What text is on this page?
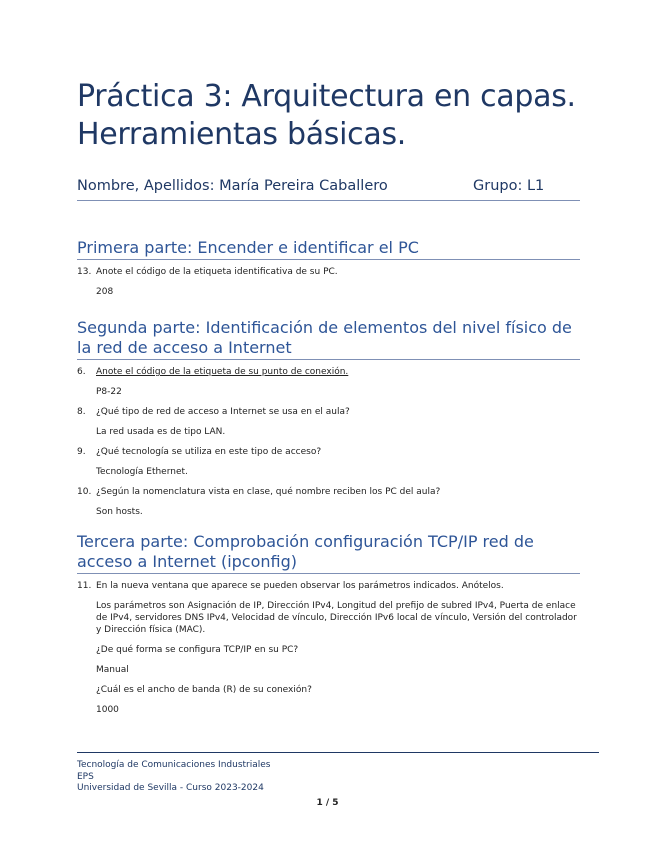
Práctica 3: Arquitectura en capas. Herramientas básicas.
Nombre, Apellidos: María Pereira Caballero	Grupo: L1
Primera parte: Encender e identificar el PC
13. Anote el código de la etiqueta identificativa de su PC.
208
Segunda parte: Identificación de elementos del nivel físico de la red de acceso a Internet
6. Anote el código de la etiqueta de su punto de conexión.
P8-22
8. ¿Qué tipo de red de acceso a Internet se usa en el aula?
La red usada es de tipo LAN.
9. ¿Qué tecnología se utiliza en este tipo de acceso?
Tecnología Ethernet.
10. ¿Según la nomenclatura vista en clase, qué nombre reciben los PC del aula?
Son hosts.
Tercera parte: Comprobación configuración TCP/IP red de acceso a Internet (ipconfig)
11. En la nueva ventana que aparece se pueden observar los parámetros indicados. Anótelos.
Los parámetros son Asignación de IP, Dirección IPv4, Longitud del prefijo de subred IPv4, Puerta de enlace de IPv4, servidores DNS IPv4, Velocidad de vínculo, Dirección IPv6 local de vínculo, Versión del controlador y Dirección física (MAC).
¿De qué forma se configura TCP/IP en su PC?
Manual
¿Cuál es el ancho de banda (R) de su conexión?
1000
Tecnología de Comunicaciones Industriales
EPS
Universidad de Sevilla - Curso 2023-2024
1 / 5
